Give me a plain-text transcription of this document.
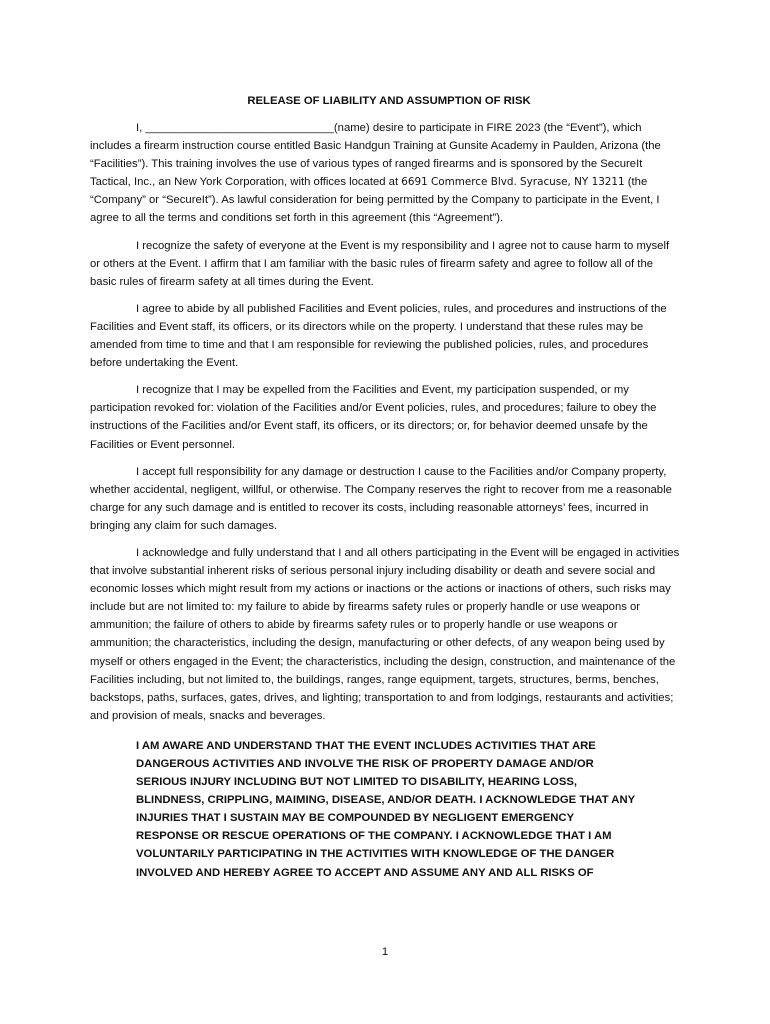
RELEASE OF LIABILITY AND ASSUMPTION OF RISK

I, ______________________________(name) desire to participate in FIRE 2023 (the “Event”), which includes a firearm instruction course entitled Basic Handgun Training at Gunsite Academy in Paulden, Arizona (the “Facilities”). This training involves the use of various types of ranged firearms and is sponsored by the SecureIt Tactical, Inc., an New York Corporation, with offices located at 6691 Commerce Blvd. Syracuse, NY 13211 (the “Company” or “SecureIt”). As lawful consideration for being permitted by the Company to participate in the Event, I agree to all the terms and conditions set forth in this agreement (this “Agreement”).

I recognize the safety of everyone at the Event is my responsibility and I agree not to cause harm to myself or others at the Event. I affirm that I am familiar with the basic rules of firearm safety and agree to follow all of the basic rules of firearm safety at all times during the Event.

I agree to abide by all published Facilities and Event policies, rules, and procedures and instructions of the Facilities and Event staff, its officers, or its directors while on the property. I understand that these rules may be amended from time to time and that I am responsible for reviewing the published policies, rules, and procedures before undertaking the Event.

I recognize that I may be expelled from the Facilities and Event, my participation suspended, or my participation revoked for: violation of the Facilities and/or Event policies, rules, and procedures; failure to obey the instructions of the Facilities and/or Event staff, its officers, or its directors; or, for behavior deemed unsafe by the Facilities or Event personnel.

I accept full responsibility for any damage or destruction I cause to the Facilities and/or Company property, whether accidental, negligent, willful, or otherwise. The Company reserves the right to recover from me a reasonable charge for any such damage and is entitled to recover its costs, including reasonable attorneys’ fees, incurred in bringing any claim for such damages.

I acknowledge and fully understand that I and all others participating in the Event will be engaged in activities that involve substantial inherent risks of serious personal injury including disability or death and severe social and economic losses which might result from my actions or inactions or the actions or inactions of others, such risks may include but are not limited to: my failure to abide by firearms safety rules or properly handle or use weapons or ammunition; the failure of others to abide by firearms safety rules or to properly handle or use weapons or ammunition; the characteristics, including the design, manufacturing or other defects, of any weapon being used by myself or others engaged in the Event; the characteristics, including the design, construction, and maintenance of the Facilities including, but not limited to, the buildings, ranges, range equipment, targets, structures, berms, benches, backstops, paths, surfaces, gates, drives, and lighting; transportation to and from lodgings, restaurants and activities; and provision of meals, snacks and beverages.

I AM AWARE AND UNDERSTAND THAT THE EVENT INCLUDES ACTIVITIES THAT ARE DANGEROUS ACTIVITIES AND INVOLVE THE RISK OF PROPERTY DAMAGE AND/OR SERIOUS INJURY INCLUDING BUT NOT LIMITED TO DISABILITY, HEARING LOSS, BLINDNESS, CRIPPLING, MAIMING, DISEASE, AND/OR DEATH. I ACKNOWLEDGE THAT ANY INJURIES THAT I SUSTAIN MAY BE COMPOUNDED BY NEGLIGENT EMERGENCY RESPONSE OR RESCUE OPERATIONS OF THE COMPANY. I ACKNOWLEDGE THAT I AM VOLUNTARILY PARTICIPATING IN THE ACTIVITIES WITH KNOWLEDGE OF THE DANGER INVOLVED AND HEREBY AGREE TO ACCEPT AND ASSUME ANY AND ALL RISKS OF
1
